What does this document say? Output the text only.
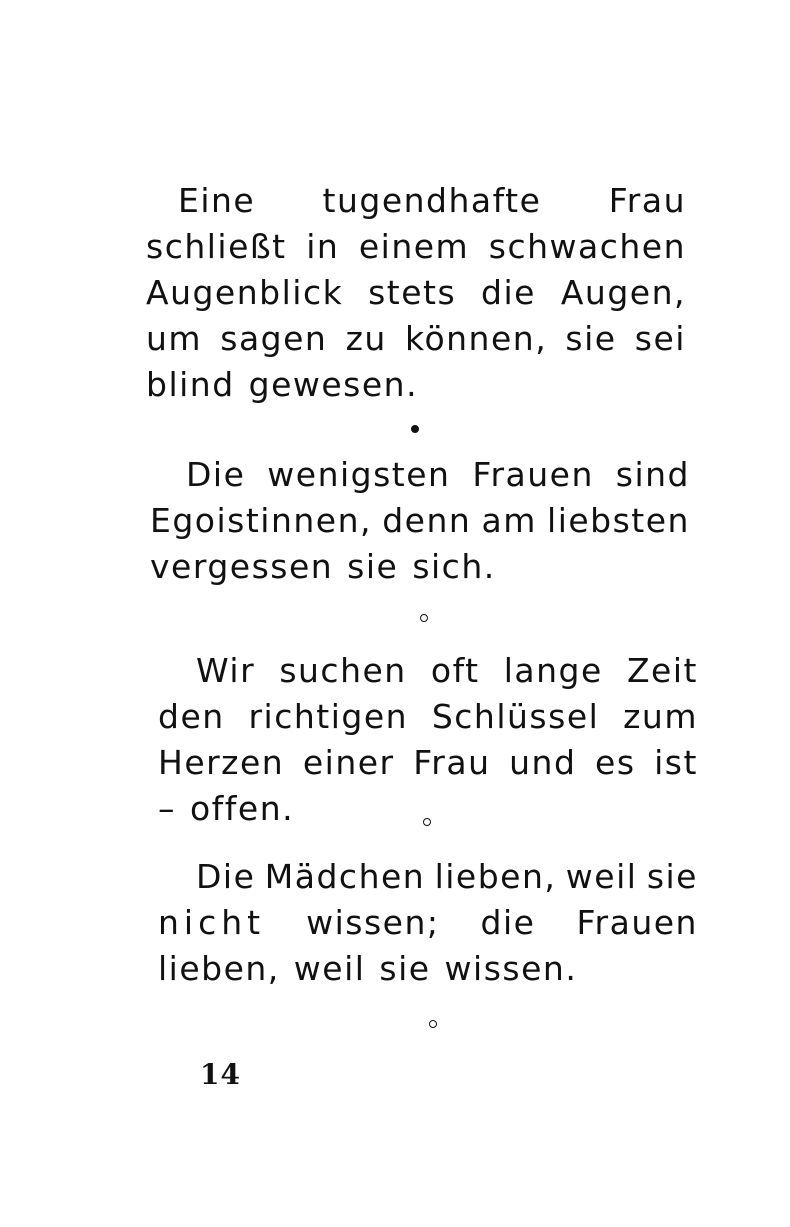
Eine tugendhafte Frau
schließt in einem schwachen
Augenblick stets die Augen,
um sagen zu können, sie sei
blind gewesen.
Die wenigsten Frauen sind
Egoistinnen, denn am liebsten
vergessen sie sich.
Wir suchen oft lange Zeit
den richtigen Schlüssel zum
Herzen einer Frau und es ist
– offen.
Die Mädchen lieben, weil sie
nicht wissen; die Frauen
lieben, weil sie wissen.
14
